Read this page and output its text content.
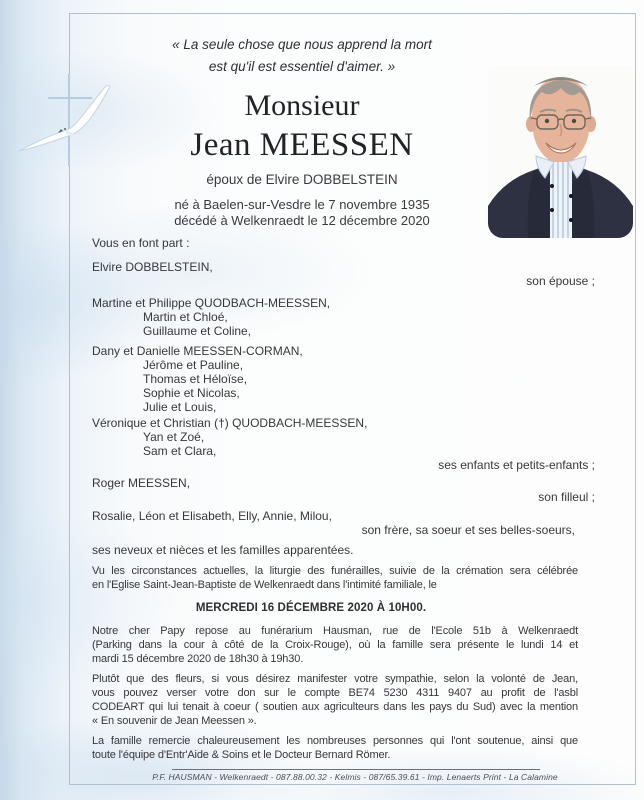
« La seule chose que nous apprend la mort
est qu'il est essentiel d'aimer. »
Monsieur
Jean MEESSEN
époux de Elvire DOBBELSTEIN
né à Baelen-sur-Vesdre le 7 novembre 1935
décédé à Welkenraedt le 12 décembre 2020
Vous en font part :
Elvire DOBBELSTEIN,
son épouse ;
Martine et Philippe QUODBACH-MEESSEN,
Martin et Chloé,
Guillaume et Coline,
Dany et Danielle MEESSEN-CORMAN,
Jérôme et Pauline,
Thomas et Héloïse,
Sophie et Nicolas,
Julie et Louis,
Véronique et Christian (†) QUODBACH-MEESSEN,
Yan et Zoé,
Sam et Clara,
ses enfants et petits-enfants ;
Roger MEESSEN,
son filleul ;
Rosalie, Léon et Elisabeth, Elly, Annie, Milou,
son frère, sa soeur et ses belles-soeurs,
ses neveux et nièces et les familles apparentées.
Vu les circonstances actuelles, la liturgie des funérailles, suivie de la crémation sera célébrée
en l'Eglise Saint-Jean-Baptiste de Welkenraedt dans l'intimité familiale, le
MERCREDI 16 DÉCEMBRE 2020 À 10H00.
Notre cher Papy repose au funérarium Hausman, rue de l'Ecole 51b à Welkenraedt
(Parking dans la cour à côté de la Croix-Rouge), où la famille sera présente le lundi 14 et
mardi 15 décembre 2020 de 18h30 à 19h30.
Plutôt que des fleurs, si vous désirez manifester votre sympathie, selon la volonté de Jean,
vous pouvez verser votre don sur le compte BE74 5230 4311 9407 au profit de l'asbl
CODEART qui lui tenait à coeur ( soutien aux agriculteurs dans les pays du Sud) avec la mention
« En souvenir de Jean Meessen ».
La famille remercie chaleureusement les nombreuses personnes qui l'ont soutenue, ainsi que
toute l'équipe d'Entr'Aide & Soins et le Docteur Bernard Römer.
P.F. HAUSMAN - Welkenraedt - 087.88.00.32 - Kelmis - 087/65.39.61 - Imp. Lenaerts Print - La Calamine
